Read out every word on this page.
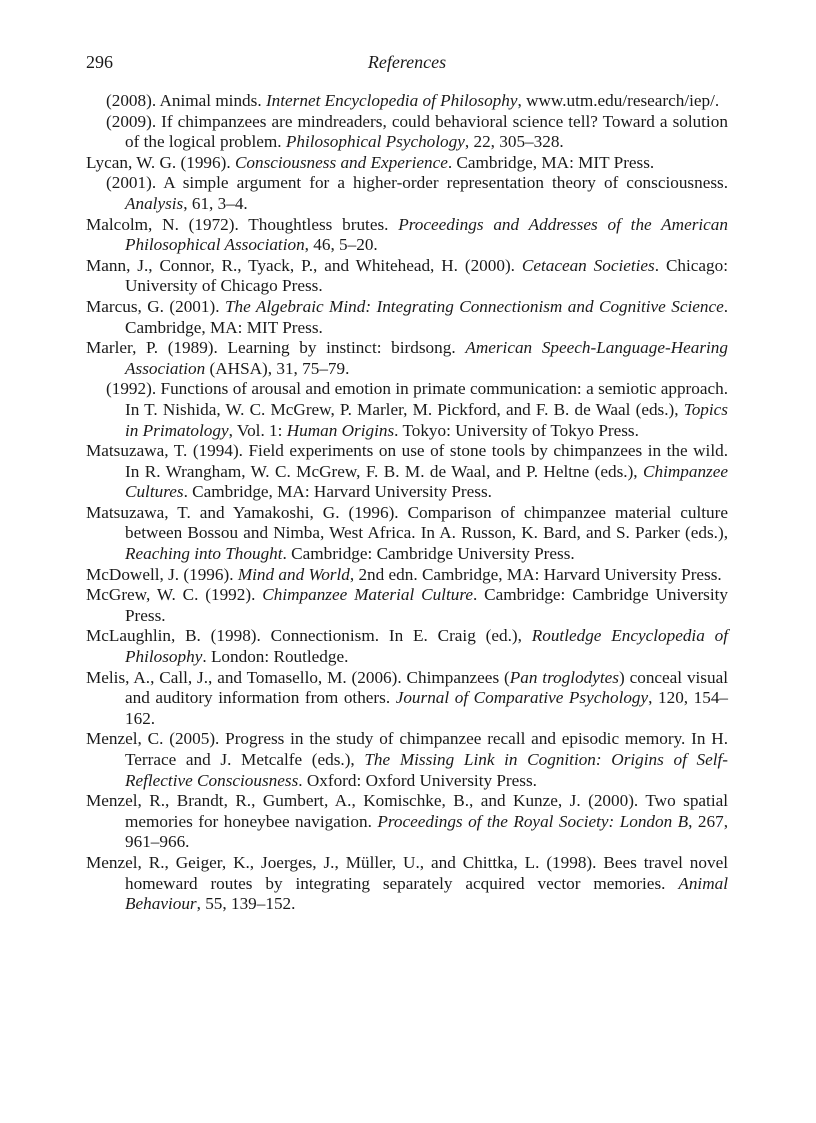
296	References

(2008). Animal minds. Internet Encyclopedia of Philosophy, www.utm.edu/research/iep/.

(2009). If chimpanzees are mindreaders, could behavioral science tell? Toward a solution of the logical problem. Philosophical Psychology, 22, 305–328.

Lycan, W. G. (1996). Consciousness and Experience. Cambridge, MA: MIT Press.

(2001). A simple argument for a higher-order representation theory of consciousness. Analysis, 61, 3–4.

Malcolm, N. (1972). Thoughtless brutes. Proceedings and Addresses of the American Philosophical Association, 46, 5–20.

Mann, J., Connor, R., Tyack, P., and Whitehead, H. (2000). Cetacean Societies. Chicago: University of Chicago Press.

Marcus, G. (2001). The Algebraic Mind: Integrating Connectionism and Cognitive Science. Cambridge, MA: MIT Press.

Marler, P. (1989). Learning by instinct: birdsong. American Speech-Language-Hearing Association (AHSA), 31, 75–79.

(1992). Functions of arousal and emotion in primate communication: a semiotic approach. In T. Nishida, W. C. McGrew, P. Marler, M. Pickford, and F. B. de Waal (eds.), Topics in Primatology, Vol. 1: Human Origins. Tokyo: University of Tokyo Press.

Matsuzawa, T. (1994). Field experiments on use of stone tools by chimpanzees in the wild. In R. Wrangham, W. C. McGrew, F. B. M. de Waal, and P. Heltne (eds.), Chimpanzee Cultures. Cambridge, MA: Harvard University Press.

Matsuzawa, T. and Yamakoshi, G. (1996). Comparison of chimpanzee material culture between Bossou and Nimba, West Africa. In A. Russon, K. Bard, and S. Parker (eds.), Reaching into Thought. Cambridge: Cambridge University Press.

McDowell, J. (1996). Mind and World, 2nd edn. Cambridge, MA: Harvard University Press.

McGrew, W. C. (1992). Chimpanzee Material Culture. Cambridge: Cambridge University Press.

McLaughlin, B. (1998). Connectionism. In E. Craig (ed.), Routledge Encyclopedia of Philosophy. London: Routledge.

Melis, A., Call, J., and Tomasello, M. (2006). Chimpanzees (Pan troglodytes) conceal visual and auditory information from others. Journal of Comparative Psychology, 120, 154–162.

Menzel, C. (2005). Progress in the study of chimpanzee recall and episodic memory. In H. Terrace and J. Metcalfe (eds.), The Missing Link in Cognition: Origins of Self-Reflective Consciousness. Oxford: Oxford University Press.

Menzel, R., Brandt, R., Gumbert, A., Komischke, B., and Kunze, J. (2000). Two spatial memories for honeybee navigation. Proceedings of the Royal Society: London B, 267, 961–966.

Menzel, R., Geiger, K., Joerges, J., Müller, U., and Chittka, L. (1998). Bees travel novel homeward routes by integrating separately acquired vector memories. Animal Behaviour, 55, 139–152.
